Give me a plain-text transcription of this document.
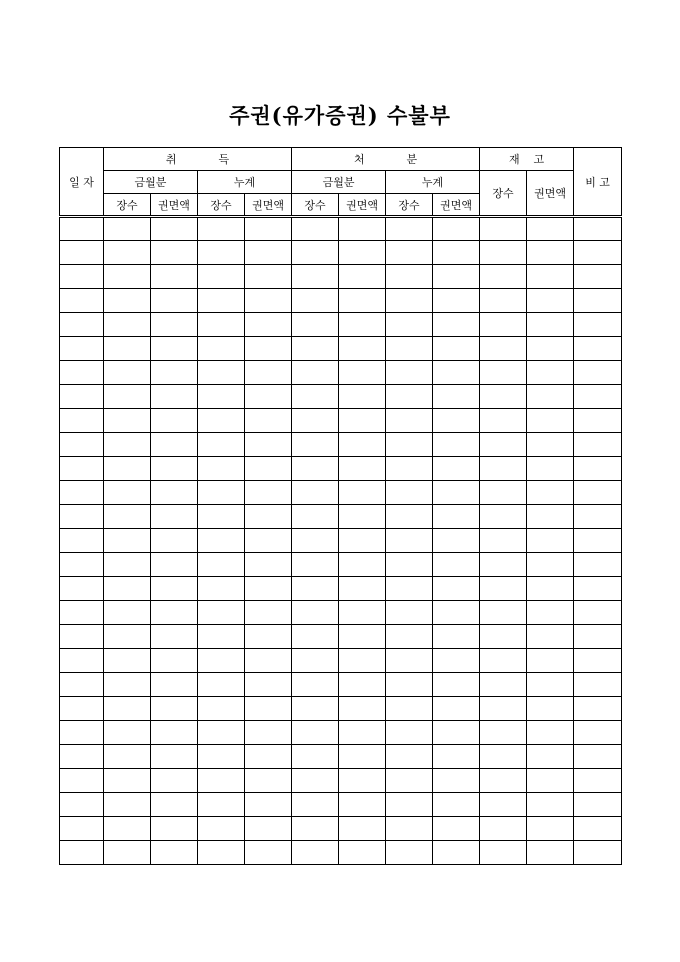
주권(유가증권) 수불부
일 자	취            득				처            분				재    고		비 고
	금월분		누계		금월분		누계		장수	권면액	
	장수	권면액	장수	권면액	장수	권면액	장수	권면액			
